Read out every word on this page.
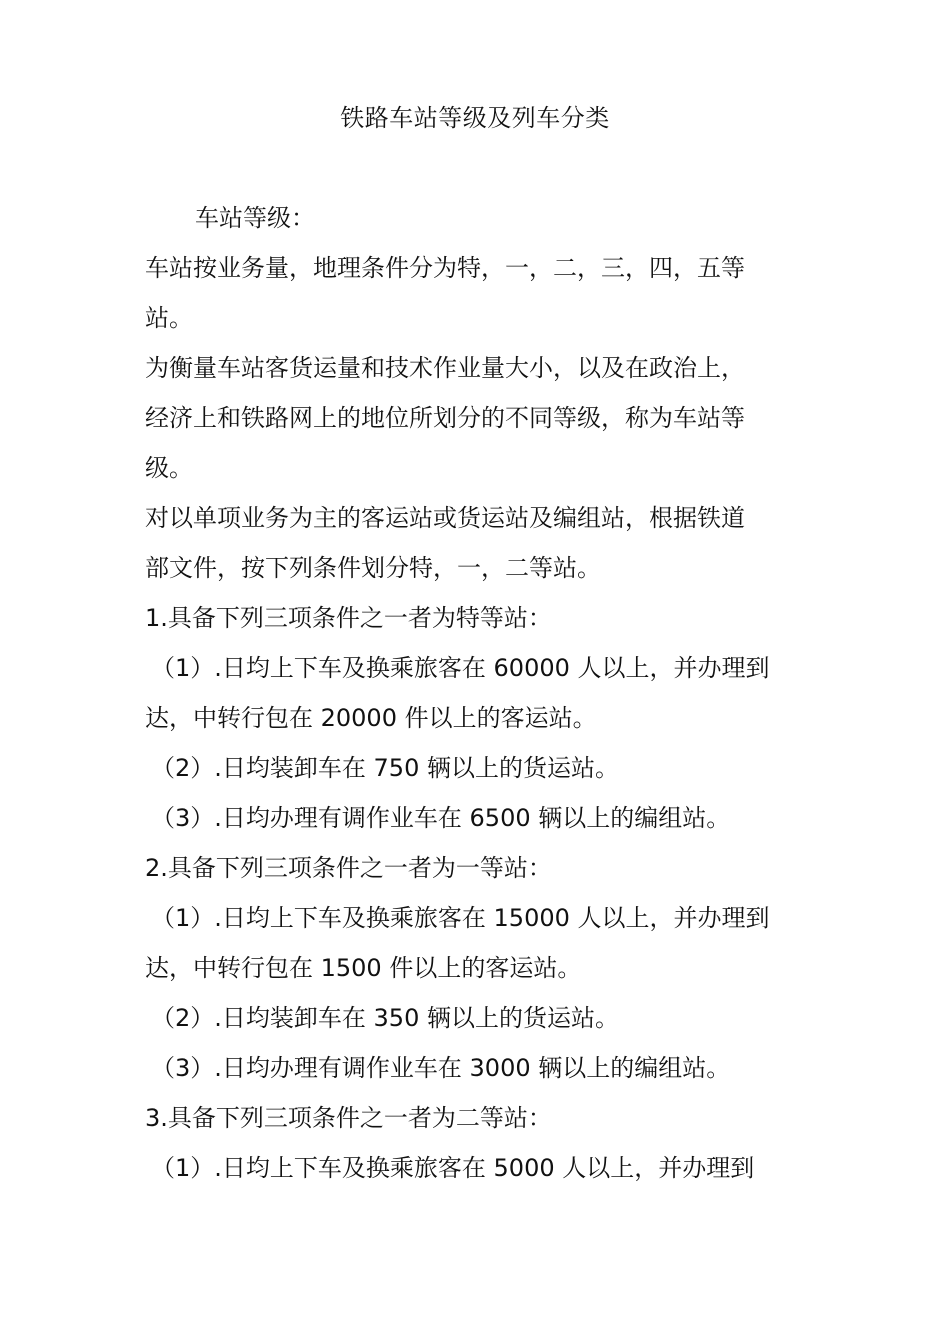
铁路车站等级及列车分类
车站等级：
车站按业务量，地理条件分为特，一，二，三，四，五等
站。
为衡量车站客货运量和技术作业量大小，以及在政治上，
经济上和铁路网上的地位所划分的不同等级，称为车站等
级。
对以单项业务为主的客运站或货运站及编组站，根据铁道
部文件，按下列条件划分特，一，二等站。
1.具备下列三项条件之一者为特等站：
（1）.日均上下车及换乘旅客在 60000 人以上，并办理到
达，中转行包在 20000 件以上的客运站。
（2）.日均装卸车在 750 辆以上的货运站。
（3）.日均办理有调作业车在 6500 辆以上的编组站。
2.具备下列三项条件之一者为一等站：
（1）.日均上下车及换乘旅客在 15000 人以上，并办理到
达，中转行包在 1500 件以上的客运站。
（2）.日均装卸车在 350 辆以上的货运站。
（3）.日均办理有调作业车在 3000 辆以上的编组站。
3.具备下列三项条件之一者为二等站：
（1）.日均上下车及换乘旅客在 5000 人以上，并办理到
